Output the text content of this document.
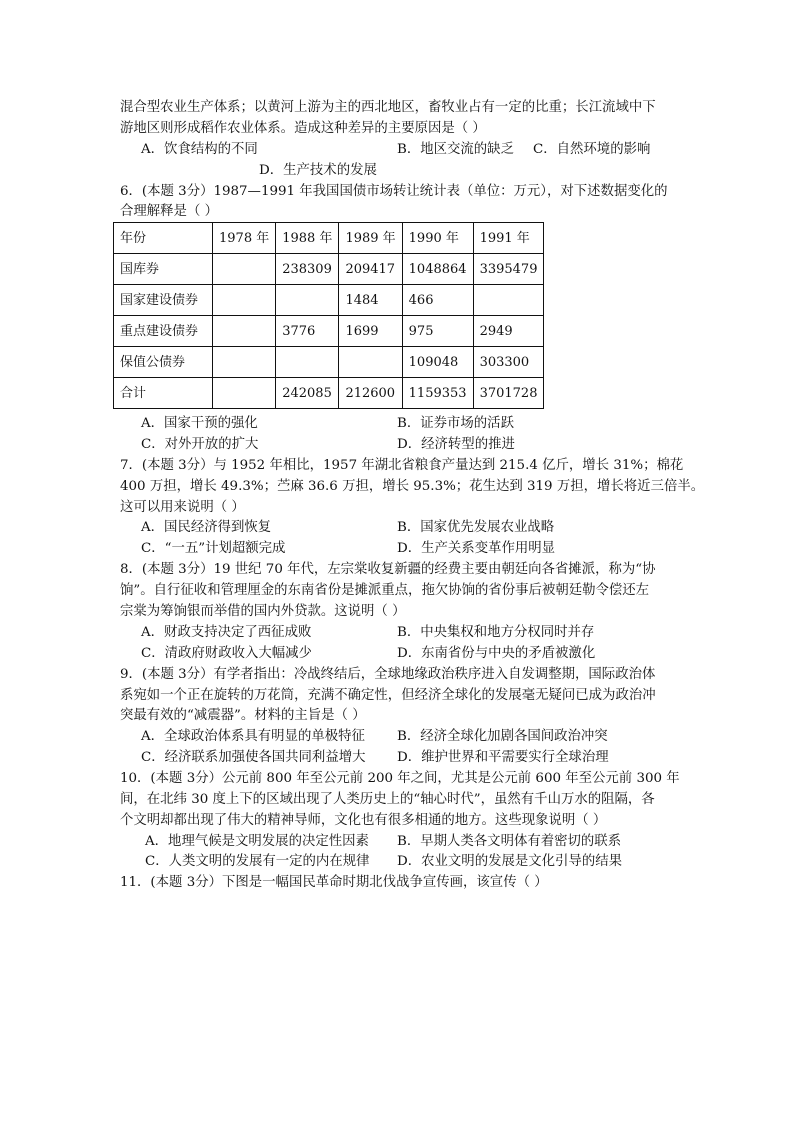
混合型农业生产体系；以黄河上游为主的西北地区，畜牧业占有一定的比重；长江流域中下
游地区则形成稻作农业体系。造成这种差异的主要原因是（ ）
A．饮食结构的不同	B．地区交流的缺乏 C．自然环境的影响
D．生产技术的发展
6．(本题 3分）1987—1991 年我国国债市场转让统计表（单位：万元），对下述数据变化的
合理解释是（ ）
年份	1978 年	1988 年	1989 年	1990 年	1991 年
国库券		238309	209417	1048864	3395479
国家建设债券			1484	466	
重点建设债券		3776	1699	975	2949
保值公债券				109048	303300
合计		242085	212600	1159353	3701728
A．国家干预的强化	B．证券市场的活跃
C．对外开放的扩大	D．经济转型的推进
7．(本题 3分）与 1952 年相比，1957 年湖北省粮食产量达到 215.4 亿斤，增长 31%；棉花
400 万担，增长 49.3%；苎麻 36.6 万担，增长 95.3%；花生达到 319 万担，增长将近三倍半。
这可以用来说明（ ）
A．国民经济得到恢复	B．国家优先发展农业战略
C．“一五”计划超额完成	D．生产关系变革作用明显
8．(本题 3分）19 世纪 70 年代，左宗棠收复新疆的经费主要由朝廷向各省摊派，称为“协
饷”。自行征收和管理厘金的东南省份是摊派重点，拖欠协饷的省份事后被朝廷勒令偿还左
宗棠为筹饷银而举借的国内外贷款。这说明（ ）
A．财政支持决定了西征成败	B．中央集权和地方分权同时并存
C．清政府财政收入大幅减少	D．东南省份与中央的矛盾被激化
9．(本题 3分）有学者指出：冷战终结后，全球地缘政治秩序进入自发调整期，国际政治体
系宛如一个正在旋转的万花筒，充满不确定性，但经济全球化的发展毫无疑问已成为政治冲
突最有效的“减震器”。材料的主旨是（ ）
A．全球政治体系具有明显的单极特征 B．经济全球化加剧各国间政治冲突
C．经济联系加强使各国共同利益增大 D．维护世界和平需要实行全球治理
10．(本题 3分）公元前 800 年至公元前 200 年之间，尤其是公元前 600 年至公元前 300 年
间，在北纬 30 度上下的区域出现了人类历史上的“轴心时代”，虽然有千山万水的阻隔，各
个文明却都出现了伟大的精神导师，文化也有很多相通的地方。这些现象说明（ ）
A．地理气候是文明发展的决定性因素 B．早期人类各文明体有着密切的联系
C．人类文明的发展有一定的内在规律 D．农业文明的发展是文化引导的结果
11．(本题 3分）下图是一幅国民革命时期北伐战争宣传画，该宣传（ ）
